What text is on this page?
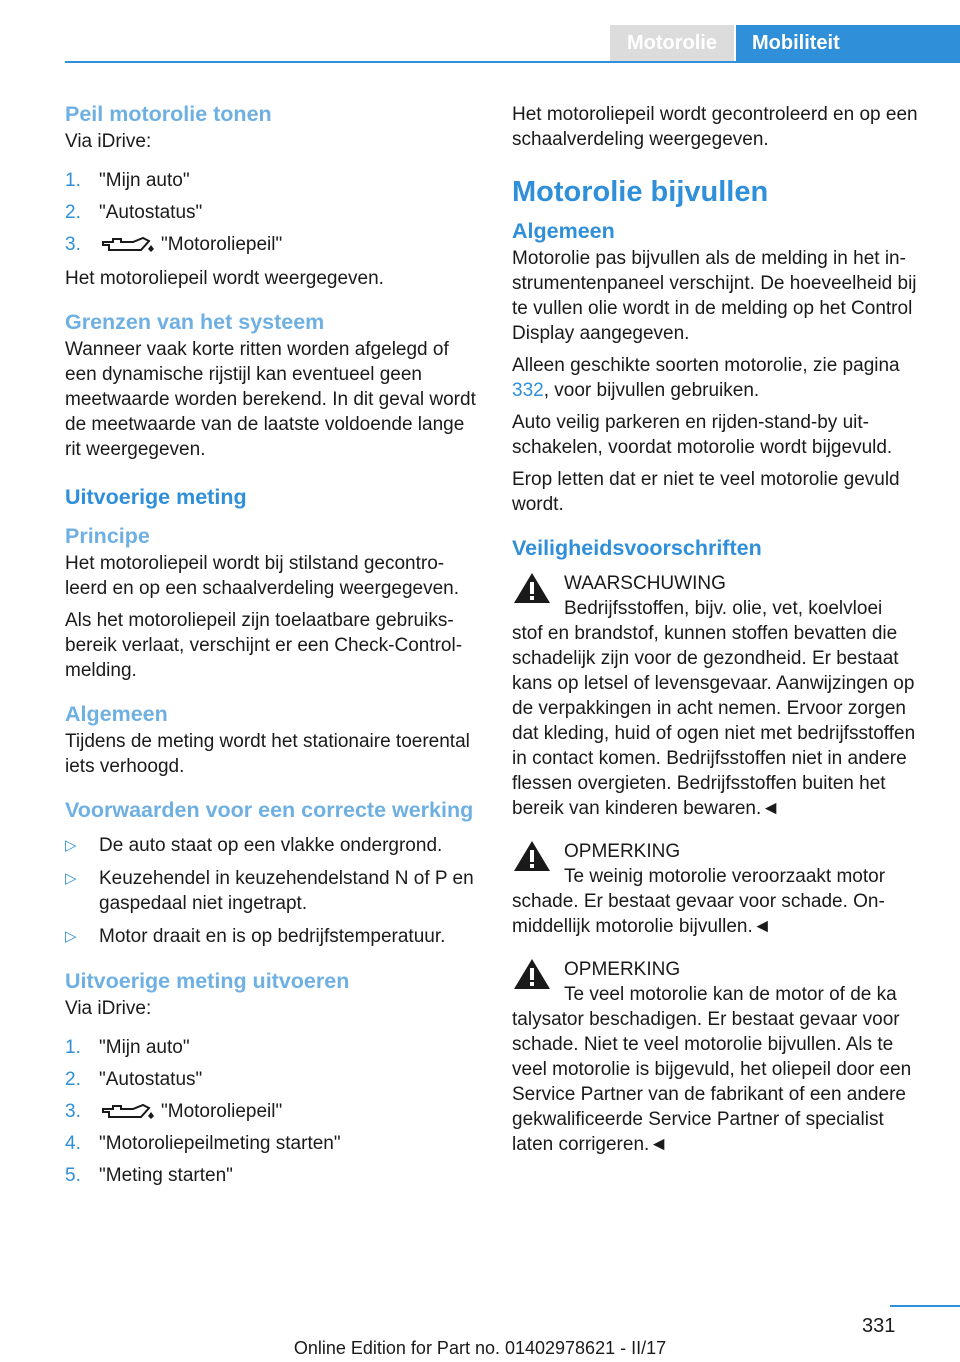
Motorolie	Mobiliteit
Peil motorolie tonen

Via iDrive:

1. "Mijn auto"
2. "Autostatus"
3.	"Motoroliepeil"

Het motoroliepeil wordt weergegeven.

Grenzen van het systeem

Wanneer vaak korte ritten worden afgelegd of een dynamische rijstijl kan eventueel geen meetwaarde worden berekend. In dit geval wordt de meetwaarde van de laatste voldoende lange rit weergegeven.

Uitvoerige meting
Principe

Het motoroliepeil wordt bij stilstand gecontroleerd en op een schaalverdeling weergegeven.

Als het motoroliepeil zijn toelaatbare gebruiksbereik verlaat, verschijnt er een Check-Control-melding.

Algemeen

Tijdens de meting wordt het stationaire toerental iets verhoogd.

Voorwaarden voor een correcte werking
▷	De auto staat op een vlakke ondergrond.
▷	Keuzehendel in keuzehendelstand N of P en gaspedaal niet ingetrapt.
▷	Motor draait en is op bedrijfstemperatuur.
Uitvoerige meting uitvoeren

Via iDrive:

1. "Mijn auto"
2. "Autostatus"
3.	"Motoroliepeil"
4. "Motoroliepeilmeting starten"
5. "Meting starten"

Het motoroliepeil wordt gecontroleerd en op een schaalverdeling weergegeven.

Motorolie bijvullen
Algemeen

Motorolie pas bijvullen als de melding in het instrumentenpaneel verschijnt. De hoeveelheid bij te vullen olie wordt in de melding op het Control Display aangegeven.

Alleen geschikte soorten motorolie, zie pagina 332, voor bijvullen gebruiken.

Auto veilig parkeren en rijden-stand-by uitschakelen, voordat motorolie wordt bijgevuld.

Erop letten dat er niet te veel motorolie gevuld wordt.

Veiligheidsvoorschriften
WAARSCHUWING
Bedrijfsstoffen, bijv. olie, vet, koelvloei
stof en brandstof, kunnen stoffen bevatten die schadelijk zijn voor de gezondheid. Er bestaat kans op letsel of levensgevaar. Aanwijzingen op de verpakkingen in acht nemen. Ervoor zorgen dat kleding, huid of ogen niet met bedrijfsstoffen in contact komen. Bedrijfsstoffen niet in andere flessen overgieten. Bedrijfsstoffen buiten het bereik van kinderen bewaren.◄
OPMERKING
Te weinig motorolie veroorzaakt motor
schade. Er bestaat gevaar voor schade. Onmiddellijk motorolie bijvullen.◄
OPMERKING
Te veel motorolie kan de motor of de ka
talysator beschadigen. Er bestaat gevaar voor schade. Niet te veel motorolie bijvullen. Als te veel motorolie is bijgevuld, het oliepeil door een Service Partner van de fabrikant of een andere gekwalificeerde Service Partner of specialist laten corrigeren.◄
331
Online Edition for Part no. 01402978621 - II/17
